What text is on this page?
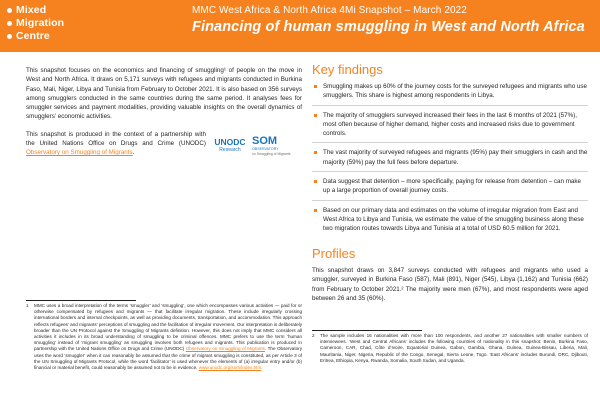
Mixed
Migration
Centre
MMC West Africa & North Africa 4Mi Snapshot – March 2022
Financing of human smuggling in West and North Africa

This snapshot focuses on the economics and financing of smuggling¹ of people on the move in West and North Africa. It draws on 5,171 surveys with refugees and migrants conducted in Burkina Faso, Mali, Niger, Libya and Tunisia from February to October 2021. It is also based on 356 surveys among smugglers conducted in the same countries during the same period. It analyses fees for smuggler services and payment modalities, providing valuable insights on the overall dynamics of smugglers’ economic activities.

This snapshot is produced in the context of a partnership with the United Nations Office on Drugs and Crime (UNODC) Observatory on Smuggling of Migrants.

UNODC
Research
SOM
OBSERVATORY
on Smuggling of Migrants
1 MMC uses a broad interpretation of the terms ‘smuggler’ and ‘smuggling’, one which encompasses various activities — paid for or otherwise compensated by refugees and migrants — that facilitate irregular migration. These include irregularly crossing international borders and internal checkpoints, as well as providing documents, transportation, and accommodation. This approach reflects refugees’ and migrants’ perceptions of smuggling and the facilitation of irregular movement. Our interpretation is deliberately broader than the UN Protocol against the Smuggling of Migrants definition. However, this does not imply that MMC considers all activities it includes in its broad understanding of smuggling to be criminal offences. MMC prefers to use the term ‘human smuggling’ instead of ‘migrant smuggling’ as smuggling involves both refugees and migrants. This publication is produced in partnership with the United Nations Office on Drugs and Crime (UNODC) Observatory on Smuggling of Migrants. The Observatory uses the word ‘smuggler’ when it can reasonably be assumed that the crime of migrant smuggling is constituted, as per Article 3 of the UN Smuggling of Migrants Protocol, while the word ‘facilitator’ is used whenever the elements of (a) irregular entry and/or (b) financial or material benefit, could reasonably be assumed not to be in evidence. www.unodc.org/som/index.htm.
Key findings
Smuggling makes up 60% of the journey costs for the surveyed refugees and migrants who use smugglers. This share is highest among respondents in Libya.
The majority of smugglers surveyed increased their fees in the last 6 months of 2021 (57%), most often because of higher demand, higher costs and increased risks due to government controls.
The vast majority of surveyed refugees and migrants (95%) pay their smugglers in cash and the majority (59%) pay the full fees before departure.
Data suggest that detention – more specifically, paying for release from detention – can make up a large proportion of overall journey costs.
Based on our primary data and estimates on the volume of irregular migration from East and West Africa to Libya and Tunisia, we estimate the value of the smuggling business along these two migration routes towards Libya and Tunisia at a total of USD 60.5 million for 2021.
Profiles

This snapshot draws on 3,847 surveys conducted with refugees and migrants who used a smuggler, surveyed in Burkina Faso (587), Mali (891), Niger (545), Libya (1,162) and Tunisia (662) from February to October 2021.² The majority were men (67%), and most respondents were aged between 26 and 35 (60%).

2 The sample includes 16 nationalities with more than 100 respondents, and another 27 nationalities with smaller numbers of interviewees. ‘West and Central Africans’ includes the following countries of nationality in this snapshot: Benin, Burkina Faso, Cameroon, CAR, Chad, Côte d’Ivoire, Equatorial Guinea, Gabon, Gambia, Ghana, Guinea, Guinea-Bissau, Liberia, Mali, Mauritania, Niger, Nigeria, Republic of the Congo, Senegal, Sierra Leone, Togo. ‘East Africans’ includes Burundi, DRC, Djibouti, Eritrea, Ethiopia, Kenya, Rwanda, Somalia, South Sudan, and Uganda.
